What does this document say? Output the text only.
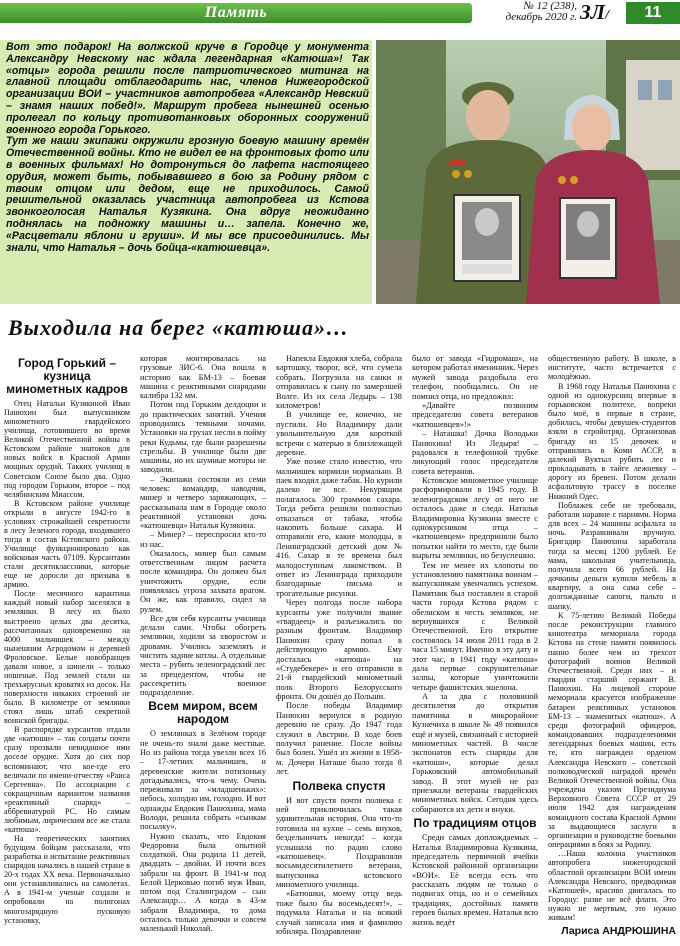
Память	№ 12 (238),
декабрь 2020 г. ЗЛ/	11

Вот это подарок! На волжской круче в Городце у монумента Александру Невскому нас ждала легендарная «Катюша»! Так «отцы» города решили после патриотического митинга на главной площади отблагодарить нас, членов Нижегородской организации ВОИ – участников автопробега «Александр Невский – знамя наших побед!». Маршрут пробега нынешней осенью пролегал по кольцу противотанковых оборонных сооружений военного города Горького.

Тут же наши экипажи окружили грозную боевую машину времён Отечественной войны. Кто не видел ее на фронтовых фото или в военных фильмах! Но дотронуться до лафета настоящего орудия, может быть, побывавшего в бою за Родину рядом с твоим отцом или дедом, еще не приходилось. Самой решительной оказалась участница автопробега из Кстова звонкоголосая Наталья Кузякина. Она вдруг неожиданно поднялась на подножку машины и… запела. Конечно же, «Расцветали яблони и груши». И мы все присоединились. Мы знали, что Наталья – дочь бойца-«катюшевца».

Выходила на берег «катюша»…
Город Горький – кузница минометных кадров

Отец Натальи Кузякиной Иван Панюхин был выпускником минометного гвардейского училища, готовившего во время Великой Отечественной войны в Кстовском районе знатоков для новых войск в Красной Армии мощных орудий. Такких училищ в Советском Союзе было два. Одно под городом Горьким, второе – под челябинским Миассом.

В Кстовском районе училище открыли в августе 1942-го в условиях строжайшей секретности в лесу Зеленого города, входившего тогда в состав Кстовского района. Училище функционировало как войсковая часть 07109. Курсантами стали десятиклассники, которые еще не доросли до призыва в армию.

После месячного карантина каждый новый набор заселялся в землянки. В лесу их было выстроено целых два десятка, рассчитанных одновременно на 4000 мальчишек – между нынешним Агродомом и деревней Фроловское. Белые новобранцев давали новое, а шинели – только ношеные. Под землей стали на трехъярусных кроватях из досок. На поверхности никаких строений не было. В километре от землянки стоял лишь штаб секретной воинской бригады.

В распорядке курсантов отдали две «катюши» – так солдаты почти сразу прозвали невиданное ими доселе орудие. Хотя до сих пор вспоминают, что кое-где его величали по имени-отчеству «Раиса Сергеевна». По ассоциации с сокращенным вариантом названия «реактивный снаряд» – аббревиатурой РС. Но самым любимым, лирическим все же стала «катюша».

На теоретических занятиях будущим бойцам рассказали, что разработка и испытание реактивных снарядов начались в нашей стране в 20-х годах XX века. Первоначально они устанавливались на самолетах. А в 1941-м ученые создали и опробовали на полигонах многозарядную пусковую установку,

которая монтировалась на грузовые ЗИС-6. Она вошла в историю как БМ-13 – боевая машина с реактивными снарядами калибра 132 мм.

Потом под Горьким делдоции и до практических занятий. Учения проводились темными ночами. Установки на грузах несли в пойму реки Кудьмы, где были разрешены стрельбы. В училище были две машины, но их шумные моторы не заводили.

– Экипажи состояли из семи человек: командир, наводчик, минер и четверо заряжающих, – рассказывала нам в Городце около реактивной установки дочь «катюшевца» Наталья Кузякина.

– Минер? – переспросил кто-то из нас.

Оказалось, минер был самым ответственным лицом расчета после командира. Он должен был уничтожить орудие, если появлялась угроза захвата врагом. Он же, как правило, сидел за рулем.

Все для себя курсанты училища делали сами. Чтобы обогреть землянки, ходили за хворостом и дровами. Учились заземлять и чистить задние котлы. А отдельные места – рубить зеленоградский лес за прецедентом, чтобы не рассекретить военное подразделение.

Всем миром, всем народом

О землянках в Зелёном городе не очень-то знали даже местные. Но из района тогда увезли всех 16 – 17-летних мальчишек, и деревенские жители потихоньку догадывались, что-к чему. Очень переживали за «младшеньких»: небось, холодно им, голодно. И вот однажды Евдокия Панюхина, мама Володи, решила собрать «сынкам посылку».

Нужно сказать, что Евдокия Федоровна была опытной солдаткой. Она родила 11 детей, двадцать – двойни. И почти всех забрали на фронт. В 1941-м под Белой Церковью погиб муж Иван, потом под Сталинградом – сын Александр… А когда в 43-м забрали Владимира, то дома осталось только девочки и совсем маленький Николай.

Напекла Евдокия хлеба, собрала картошку, творог, всё, что сумела собрать. Погрузила на санки и отправилась к сыну по замерзшей Волге. Из их села Ледырь – 138 километров!

В училище ее, конечно, не пустили. Но Владимиру дали увольнительную для короткой встречи с матерью в близлежащей деревне.

Уже позже стало известно, что мальчишек кормили норма́льно. В паек входил даже табак. Но курили далеко не все. Некурящим полагалось 300 граммов сахара. Тогда ребята решили полностью отказаться от табака, чтобы накопить больше сахара. И отправили его, какие молодцы, в Ленинградский детский дом № 416. Сахар в те времена был малодоступным лакомством. В ответ из Ленинграда приходили благодарные письма и трогательные рисунки.

Через полгода после набора курсанты уже получили звание «гвардеец» и разъезжались по разным фронтам. Владимир Панюхин сразу попал в действующую армию. Ему досталась «катюша» на «Студебекере» и его отправили в 21-й гвардейский минометный полк Второго Белорусского фронта. Он дошёл до Польши.

После победы Владимир Панюхин вернулся в родную деревню не сразу. До 1947 года служил в Австрии. В ходе боев получил ранение. После войны был болен. Ушёл из жизни в 1958-м. Дочери Наташе было тогда 8 лет.

Полвека спустя

И вот спустя почти полвека с ней приключилась такая удивительная история. Она что-то готовила на кухне – семь внуков, бездельничать некогда! – когда услышала по радио слово «катюшевец». Поздравляли восьмидесятилетнего ветерана, выпускника кстовского минометного училища.

«Батюшки, моему отцу ведь тоже было бы восемьдесят!», – подумала Наталья и на всякий случай записала имя и фамилию юбиляра. Поздравление

было от завода «Гидромаш», на котором работал именинник. Через мужей завода раздобыла его телефон, пообщались. Он не помнил отца, но предложил:

«Давайте позвоним председателю совета ветеранов «катюшевцев»!»

– Наташка! Дочка Володьки Панюхина! Из Ледыря! – радовался в телефонной трубке ликующий голос председателя совета ветеранов.

Кстовское минометное училище расформировали в 1945 году. В зеленоградском лесу от него не осталось даже и следа. Наталья Владимировна Кузякина вместе с однокурсником отца – «катюшевцем» предприняли было попытки найти то место, где были вырыты землянки, но безуспешно.

Тем не менее их хлопоты по установлению памятника воинам – выпускникам увенчались успехом. Памятник был поставлен в старой части города Кстова рядом с обелиском в честь земляков, не вернувшихся с Великой Отечественной. Его открытие состоялось 14 июля 2011 года в 2 часа 15 минут. Именно в эту дату и этот час, в 1941 году «катюша» дала первые сокрушительные залпы, которые уничтожили четыре фашистских эшелона.

А за два с половиной десятилетия до открытия памятника в микрорайоне Кузнечиха в школе № 49 появился ещё и музей, связанный с историей минометных частей. В числе экспонатов есть снаряды для «катюши», которые делал Горьковский автомобильный завод. В этот музей не раз приезжали ветераны гвардейских минометных войск. Сегодня здесь собираются их дети и внуки.

По традициям отцов

Среди самых доплождаемых – Наталья Владимировна Кузякина, председатель первичной ячейки Кстовской районной организации «ВОИ». Её всегда есть что рассказать людям не только о подвигах отца, но и о семейных традициях, достойных памяти героев былых времен. Наталья всю жизнь ведёт

общественную работу. В школе, в институте, часто встречается с молодёжью.

В 1968 году Наталья Панюхина с одной из однокурсниц впервые в горьковском политехе, вопреки было моё, в первые в стране, добилась, чтобы девушек-студентов взяли в стройотряд. Организовав бригаду из 15 девочек и отправились в Коми АССР, в далекий Вуктыл рубить лес и прокладывать в тайге лежневку – дорогу из бревен. Потом делали асфальтовую трассу в поселке Нижний Одес.

Поблажек себе не требовали, работали наравне с парнями. Норма для всех – 24 машины асфальта за ночь. Разравнивали вручную. Бригадир Панюхина заработала тогда за месяц 1200 рублей. Ее мама, школьная учительница, получила всего 66 рублей. На дочкины деньги купили мебель в квартиру, а она сама себе – долгожданные сапоги, пальто и шапку.

К 75-летию Великой Победы после реконструкции главного кинотеатра мемориала города Кстова на стене памяти появилось панно более чем из трехсот фотографий воинов Великой Отечественной. Среди них – и гвардии старший сержант В. Панюхин. На лицевой стороне мемориала красуется изображение батареи реактивных установок БМ-13 – знаменитых «катюш». А среди фотографий офицеров, командовавших подразделениями легендарных боевых машин, есть те, кто награжден орденом Александра Невского – советской полководческой наградой времён Великой Отечественной войны. Она учреждена указом Президиума Верховного Совета СССР от 29 июля 1942 для награждения командного состава Красной Армии за выдающиеся заслуги в организации и руководстве боевыми операциями в боях за Родину.

…Наша колонна участников автопробега нижегородской областной организации ВОИ имени Александра Невского, предводимая «Катюшей», красиво двигалась по Городцу: разве не всё флаги. Это нужно не мертвым, это нужно живым!

Лариса АНДРЮШИНА
